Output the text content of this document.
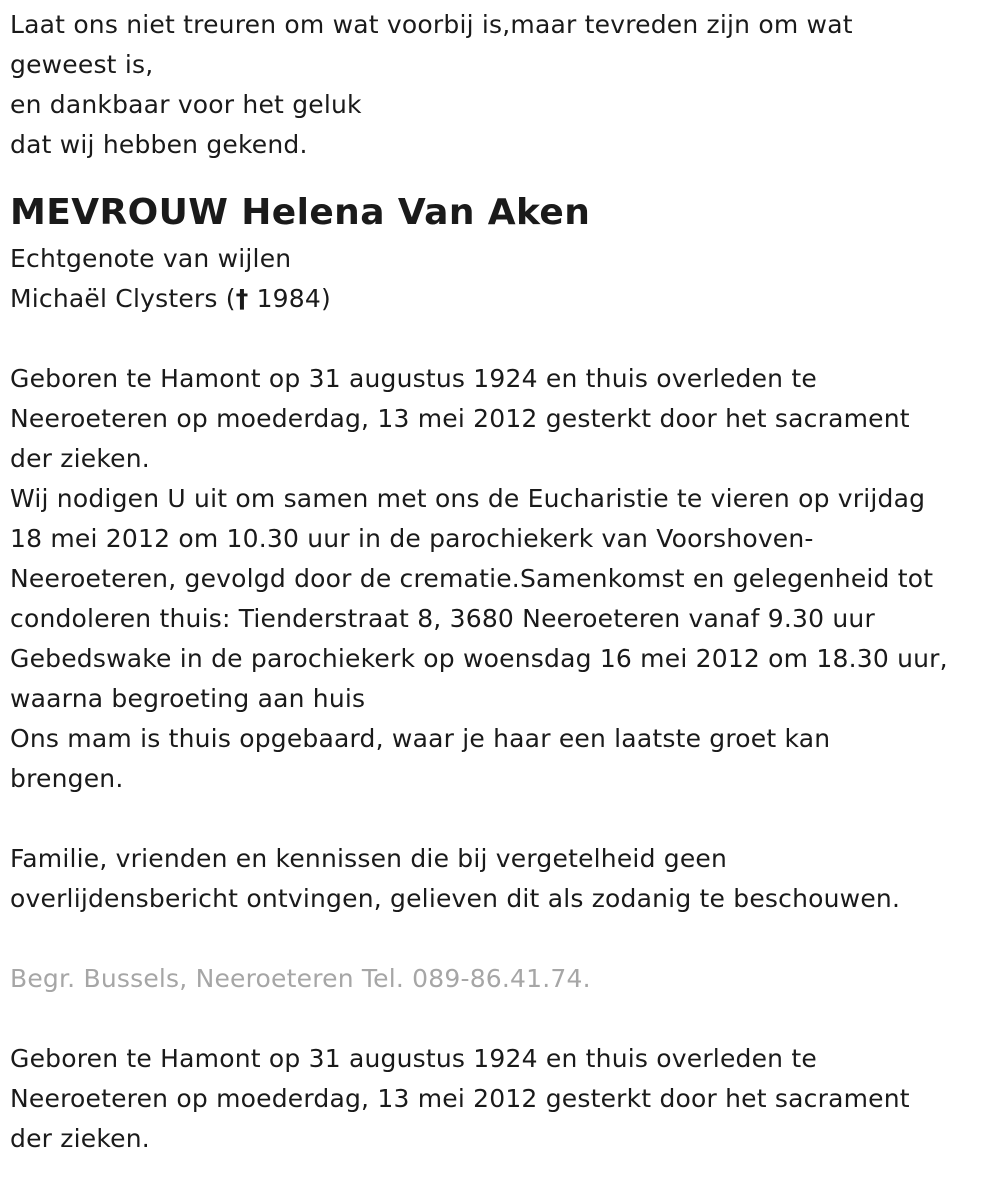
Laat ons niet treuren om wat voorbij is,maar tevreden zijn om wat
geweest is,
en dankbaar voor het geluk
dat wij hebben gekend.
MEVROUW Helena Van Aken
Echtgenote van wijlen
Michaël Clysters († 1984)
Geboren te Hamont op 31 augustus 1924 en thuis overleden te
Neeroeteren op moederdag, 13 mei 2012 gesterkt door het sacrament
der zieken.
Wij nodigen U uit om samen met ons de Eucharistie te vieren op vrijdag
18 mei 2012 om 10.30 uur in de parochiekerk van Voorshoven-
Neeroeteren, gevolgd door de crematie.Samenkomst en gelegenheid tot
condoleren thuis: Tienderstraat 8, 3680 Neeroeteren vanaf 9.30 uur
Gebedswake in de parochiekerk op woensdag 16 mei 2012 om 18.30 uur,
waarna begroeting aan huis
Ons mam is thuis opgebaard, waar je haar een laatste groet kan
brengen.
Familie, vrienden en kennissen die bij vergetelheid geen
overlijdensbericht ontvingen, gelieven dit als zodanig te beschouwen.
Begr. Bussels, Neeroeteren Tel. 089-86.41.74.
Geboren te Hamont op 31 augustus 1924 en thuis overleden te
Neeroeteren op moederdag, 13 mei 2012 gesterkt door het sacrament
der zieken.
